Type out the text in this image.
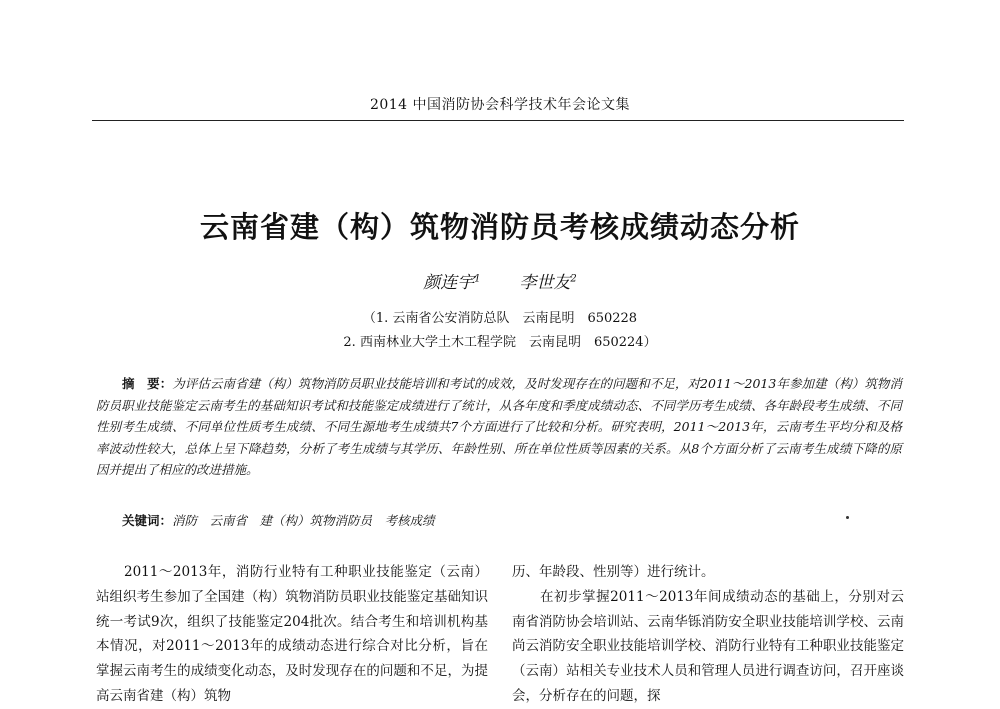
2014 中国消防协会科学技术年会论文集
云南省建（构）筑物消防员考核成绩动态分析
颜连宇$^1$ 李世友$^2$
（1. 云南省公安消防总队　云南昆明　650228
2. 西南林业大学土木工程学院　云南昆明　650224）
摘　要：为评估云南省建（构）筑物消防员职业技能培训和考试的成效，及时发现存在的问题和不足，对2011～2013年参加建（构）筑物消防员职业技能鉴定云南考生的基础知识考试和技能鉴定成绩进行了统计，从各年度和季度成绩动态、不同学历考生成绩、各年龄段考生成绩、不同性别考生成绩、不同单位性质考生成绩、不同生源地考生成绩共7个方面进行了比较和分析。研究表明，2011～2013年，云南考生平均分和及格率波动性较大，总体上呈下降趋势，分析了考生成绩与其学历、年龄性别、所在单位性质等因素的关系。从8个方面分析了云南考生成绩下降的原因并提出了相应的改进措施。
关键词：消防　云南省　建（构）筑物消防员　考核成绩

2011～2013年，消防行业特有工种职业技能鉴定（云南）站组织考生参加了全国建（构）筑物消防员职业技能鉴定基础知识统一考试9次，组织了技能鉴定204批次。结合考生和培训机构基本情况，对2011～2013年的成绩动态进行综合对比分析，旨在掌握云南考生的成绩变化动态，及时发现存在的问题和不足，为提高云南省建（构）筑物

历、年龄段、性别等）进行统计。

在初步掌握2011～2013年间成绩动态的基础上，分别对云南省消防协会培训站、云南华铄消防安全职业技能培训学校、云南尚云消防安全职业技能培训学校、消防行业特有工种职业技能鉴定（云南）站相关专业技术人员和管理人员进行调查访问，召开座谈会，分析存在的问题，探
